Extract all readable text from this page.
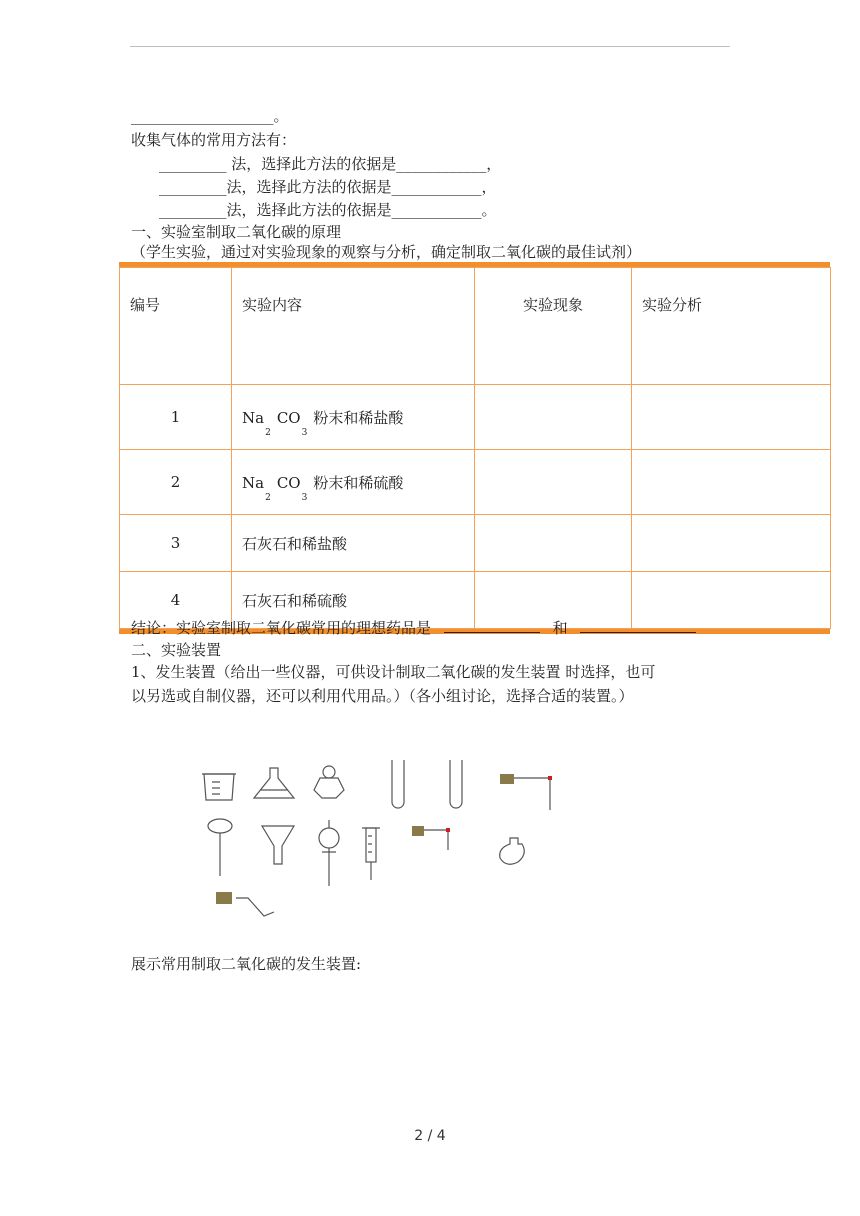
___________________。
收集气体的常用方法有：
_________ 法，选择此方法的依据是____________，
_________法，选择此方法的依据是____________，
_________法，选择此方法的依据是____________。
一、实验室制取二氧化碳的原理
（学生实验，通过对实验现象的观察与分析，确定制取二氧化碳的最佳试剂）
编号	实验内容	实验现象	实验分析
1	$Na_2CO_3$粉末和稀盐酸		
2	$Na_2CO_3$粉末和稀硫酸		
3	石灰石和稀盐酸		
4	石灰石和稀硫酸		
结论：实验室制取二氧化碳常用的理想药品是	和
二、实验装置
1、发生装置（给出一些仪器，可供设计制取二氧化碳的发生装置 时选择，也可
以另选或自制仪器，还可以利用代用品。）（各小组讨论，选择合适的装置。）
展示常用制取二氧化碳的发生装置:
2 / 4
